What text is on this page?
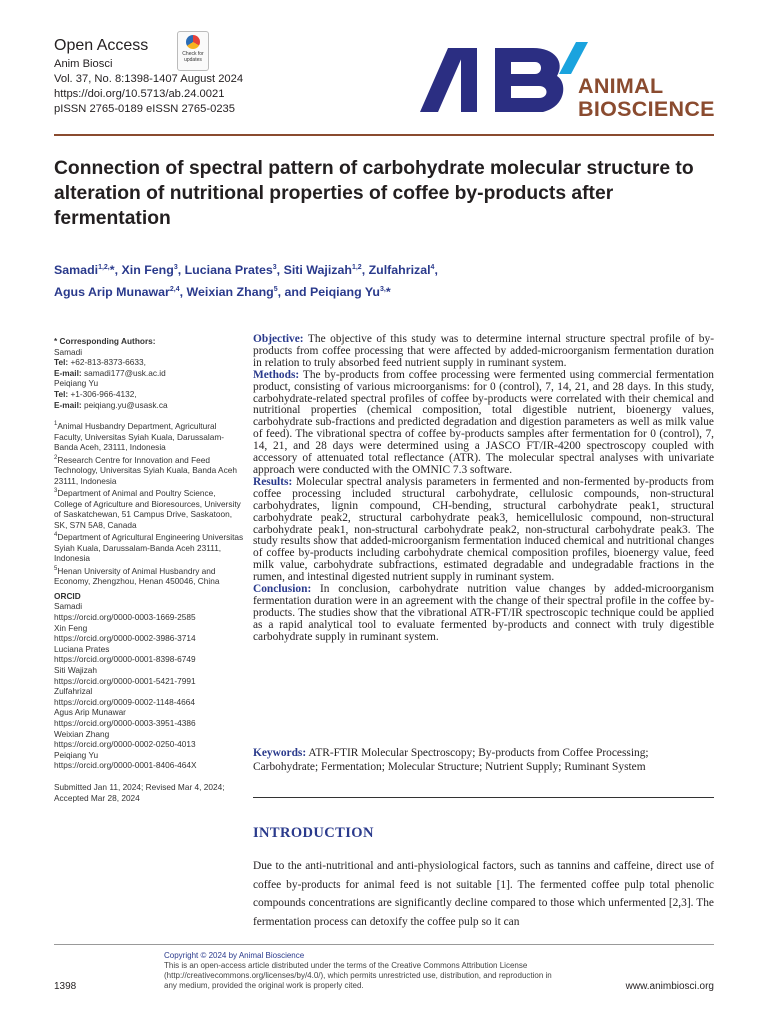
Open Access	Check for updates
Anim Biosci
Vol. 37, No. 8:1398-1407 August 2024
https://doi.org/10.5713/ab.24.0021
pISSN 2765-0189 eISSN 2765-0235
ANIMAL
BIOSCIENCE
Connection of spectral pattern of carbohydrate molecular structure to alteration of nutritional properties of coffee by-products after fermentation
Samadi$^{1,2,}$*, Xin Feng$^3$, Luciana Prates$^3$, Siti Wajizah$^{1,2}$, Zulfahrizal$^4$,
Agus Arip Munawar$^{2,4}$, Weixian Zhang$^5$, and Peiqiang $Yu^{3,}*$

* Corresponding Authors:

Samadi

Tel: +62-813-8373-6633,

E-mail: samadi177@usk.ac.id

Peiqiang Yu

Tel: +1-306-966-4132,

E-mail: peiqiang.yu@usask.ca

$^1$Animal Husbandry Department, Agricultural Faculty, Universitas Syiah Kuala, Darussalam-Banda Aceh, 23111, Indonesia

$^2$Research Centre for Innovation and Feed Technology, Universitas Syiah Kuala, Banda Aceh 23111, Indonesia

$^3$Department of Animal and Poultry Science, College of Agriculture and Bioresources, University of Saskatchewan, 51 Campus Drive, Saskatoon, SK, S7N 5A8, Canada

$^4$Department of Agricultural Engineering Universitas Syiah Kuala, Darussalam-Banda Aceh 23111, Indonesia

$^5$Henan University of Animal Husbandry and Economy, Zhengzhou, Henan 450046, China

ORCID

Samadi

https://orcid.org/0000-0003-1669-2585

Xin Feng

https://orcid.org/0000-0002-3986-3714

Luciana Prates

https://orcid.org/0000-0001-8398-6749

Siti Wajizah

https://orcid.org/0000-0001-5421-7991

Zulfahrizal

https://orcid.org/0009-0002-1148-4664

Agus Arip Munawar

https://orcid.org/0000-0003-3951-4386

Weixian Zhang

https://orcid.org/0000-0002-0250-4013

Peiqiang Yu

https://orcid.org/0000-0001-8406-464X

Submitted Jan 11, 2024; Revised Mar 4, 2024; Accepted Mar 28, 2024

Objective: The objective of this study was to determine internal structure spectral profile of by-products from coffee processing that were affected by added-microorganism fermentation duration in relation to truly absorbed feed nutrient supply in ruminant system.

Methods: The by-products from coffee processing were fermented using commercial fermentation product, consisting of various microorganisms: for 0 (control), 7, 14, 21, and 28 days. In this study, carbohydrate-related spectral profiles of coffee by-products were correlated with their chemical and nutritional properties (chemical composition, total digestible nutrient, bioenergy values, carbohydrate sub-fractions and predicted degradation and digestion parameters as well as milk value of feed). The vibrational spectra of coffee by-products samples after fermentation for 0 (control), 7, 14, 21, and 28 days were determined using a JASCO FT/IR-4200 spectroscopy coupled with accessory of attenuated total reflectance (ATR). The molecular spectral analyses with univariate approach were conducted with the OMNIC 7.3 software.

Results: Molecular spectral analysis parameters in fermented and non-fermented by-products from coffee processing included structural carbohydrate, cellulosic compounds, non-structural carbohydrates, lignin compound, CH-bending, structural carbohydrate peak1, structural carbohydrate peak2, structural carbohydrate peak3, hemicellulosic compound, non-structural carbohydrate peak1, non-structural carbohydrate peak2, non-structural carbohydrate peak3. The study results show that added-microorganism fermentation induced chemical and nutritional changes of coffee by-products including carbohydrate chemical composition profiles, bioenergy value, feed milk value, carbohydrate subfractions, estimated degradable and undegradable fractions in the rumen, and intestinal digested nutrient supply in ruminant system.

Conclusion: In conclusion, carbohydrate nutrition value changes by added-microorganism fermentation duration were in an agreement with the change of their spectral profile in the coffee by-products. The studies show that the vibrational ATR-FT/IR spectroscopic technique could be applied as a rapid analytical tool to evaluate fermented by-products and connect with truly digestible carbohydrate supply in ruminant system.

Keywords: ATR-FTIR Molecular Spectroscopy; By-products from Coffee Processing; Carbohydrate; Fermentation; Molecular Structure; Nutrient Supply; Ruminant System
INTRODUCTION
Due to the anti-nutritional and anti-physiological factors, such as tannins and caffeine, direct use of coffee by-products for animal feed is not suitable [1]. The fermented coffee pulp total phenolic compounds concentrations are significantly decline compared to those which unfermented [2,3]. The fermentation process can detoxify the coffee pulp so it can
1398
Copyright © 2024 by Animal Bioscience
This is an open-access article distributed under the terms of the Creative Commons Attribution License (http://creativecommons.org/licenses/by/4.0/), which permits unrestricted use, distribution, and reproduction in any medium, provided the original work is properly cited.	www.animbiosci.org
